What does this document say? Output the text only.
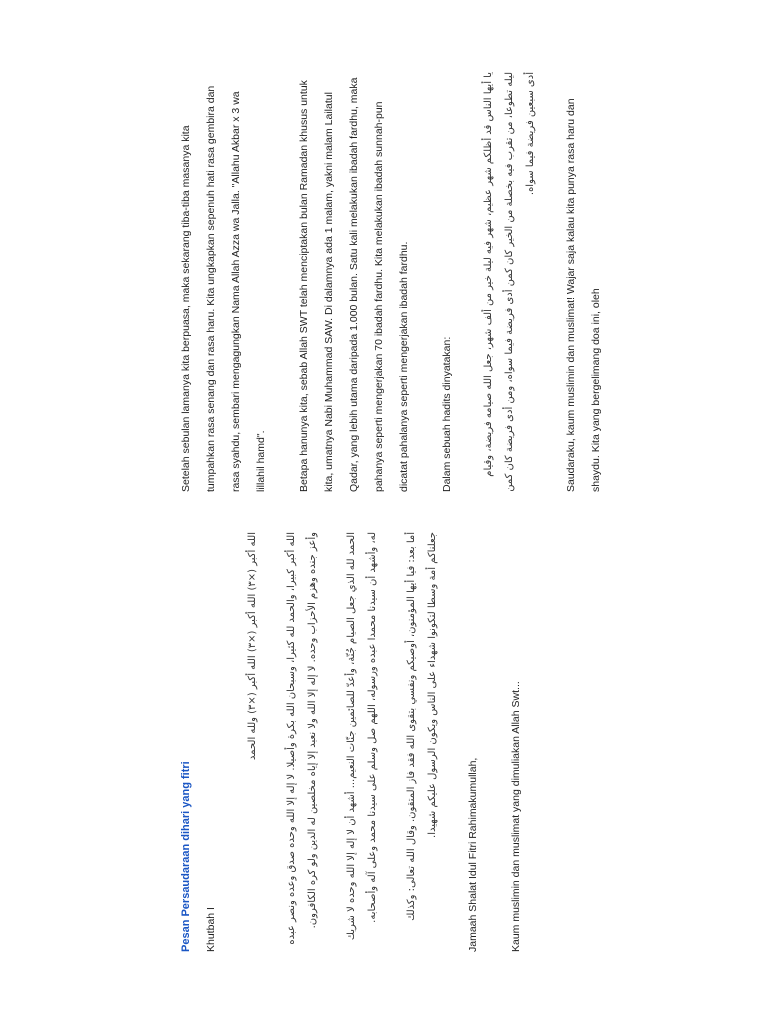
Pesan Persaudaraan dihari yang fitri	Khutbah I

الله أكبر (×٣) الله أكبر (×٣) الله أكبر (×٣) ولله الحمد	الله أكبر كبيرا، والحمد لله كثيرا، وسبحان الله بكرة وأصيلا. لا إله إلا الله وحده صدق وعده ونصر عبده وأعز جنده وهزم الأحزاب وحده. لا إله إلا الله ولا نعبد إلا إياه مخلصين له الدين ولو كره الكافرون.	الحمد لله الذي جعل الصيام جُنّة، وأعدّ للصائمين جنّات النعيم... أشهد أن لا إله إلا الله وحده لا شريك له، وأشهد أن سيدنا محمدا عبده ورسوله، اللهم صل وسلم على سيدنا محمد وعلى آله وأصحابه.	أما بعد: فيا أيها المؤمنون، أوصيكم ونفسي بتقوى الله فقد فاز المتقون. وقال الله تعالى: وكذلك جعلناكم أمة وسطا لتكونوا شهداء على الناس ويكون الرسول عليكم شهيدا.

Jamaah Shalat Idul Fitri Rahimakumullah,	Kaum muslimin dan muslimat yang dimuliakan Allah Swt...

Setelah sebulan lamanya kita berpuasa, maka sekarang tiba-tiba masanya kita tumpahkan rasa senang dan rasa haru. Kita ungkapkan sepenuh hati rasa gembira dan rasa syahdu, sembari mengagungkan Nama Allah Azza wa Jalla. "Allahu Akbar x 3 wa lillahil hamd".	Betapa hanunya kita, sebab Allah SWT telah menciptakan bulan Ramadan khusus untuk kita, umatnya Nabi Muhammad SAW. Di dalamnya ada 1 malam, yakni malam Lailatul Qadar, yang lebih utama daripada 1.000 bulan. Satu kali melakukan ibadah fardhu, maka pahanya seperti mengerjakan 70 ibadah fardhu. Kita melakukan ibadah sunnah-pun dicatat pahalanya seperti mengerjakan ibadah fardhu.	Dalam sebuah hadits dinyatakan:	يا أيها الناس قد أظلكم شهر عظيم، شهر فيه ليلة خير من ألف شهر، جعل الله صيامه فريضة، وقيام ليله تطوعا، من تقرب فيه بخصلة من الخير كان كمن أدى فريضة فيما سواه، ومن أدى فريضة كان كمن أدى سبعين فريضة فيما سواه.	Saudaraku, kaum muslimin dan muslimat! Wajar saja kalau kita punya rasa haru dan shaydu. Kita yang bergelimang doa ini, oleh
